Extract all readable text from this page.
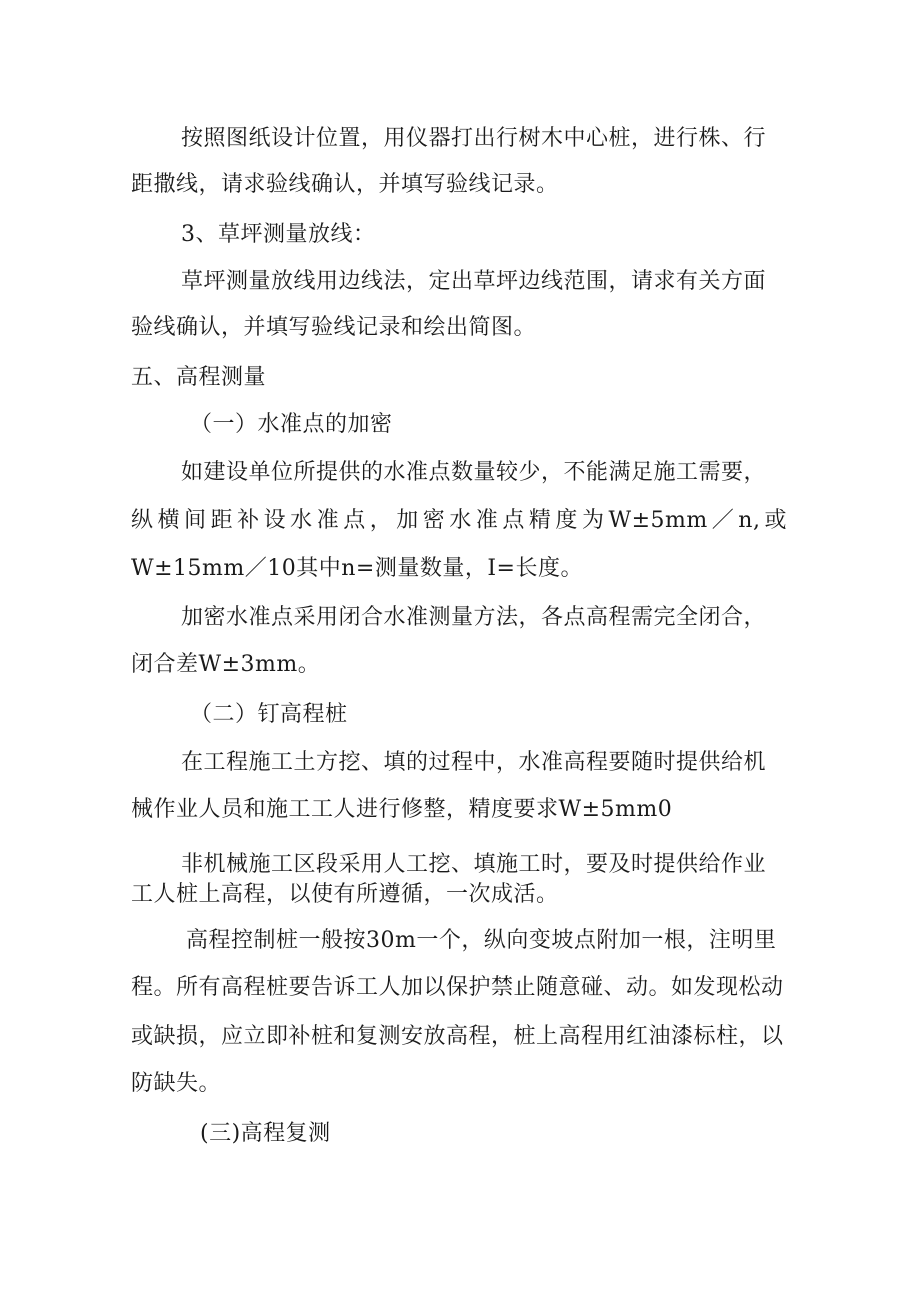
按照图纸设计位置，用仪器打出行树木中心桩，进行株、行
距撒线，请求验线确认，并填写验线记录。
3、草坪测量放线：
草坪测量放线用边线法，定出草坪边线范围，请求有关方面
验线确认，并填写验线记录和绘出简图。
五、高程测量
（一）水准点的加密
如建设单位所提供的水准点数量较少，不能满足施工需要，
纵横间距补设水准点，加密水准点精度为W±5mm／n,或
W±15mm／10其中n=测量数量，I=长度。
加密水准点采用闭合水准测量方法，各点高程需完全闭合，
闭合差W±3mm。
（二）钉高程桩
在工程施工土方挖、填的过程中，水准高程要随时提供给机
械作业人员和施工工人进行修整，精度要求W±5mm0
非机械施工区段采用人工挖、填施工时，要及时提供给作业
工人桩上高程，以使有所遵循，一次成活。
高程控制桩一般按30m一个，纵向变坡点附加一根，注明里
程。所有高程桩要告诉工人加以保护禁止随意碰、动。如发现松动
或缺损，应立即补桩和复测安放高程，桩上高程用红油漆标柱，以
防缺失。
(三)高程复测
